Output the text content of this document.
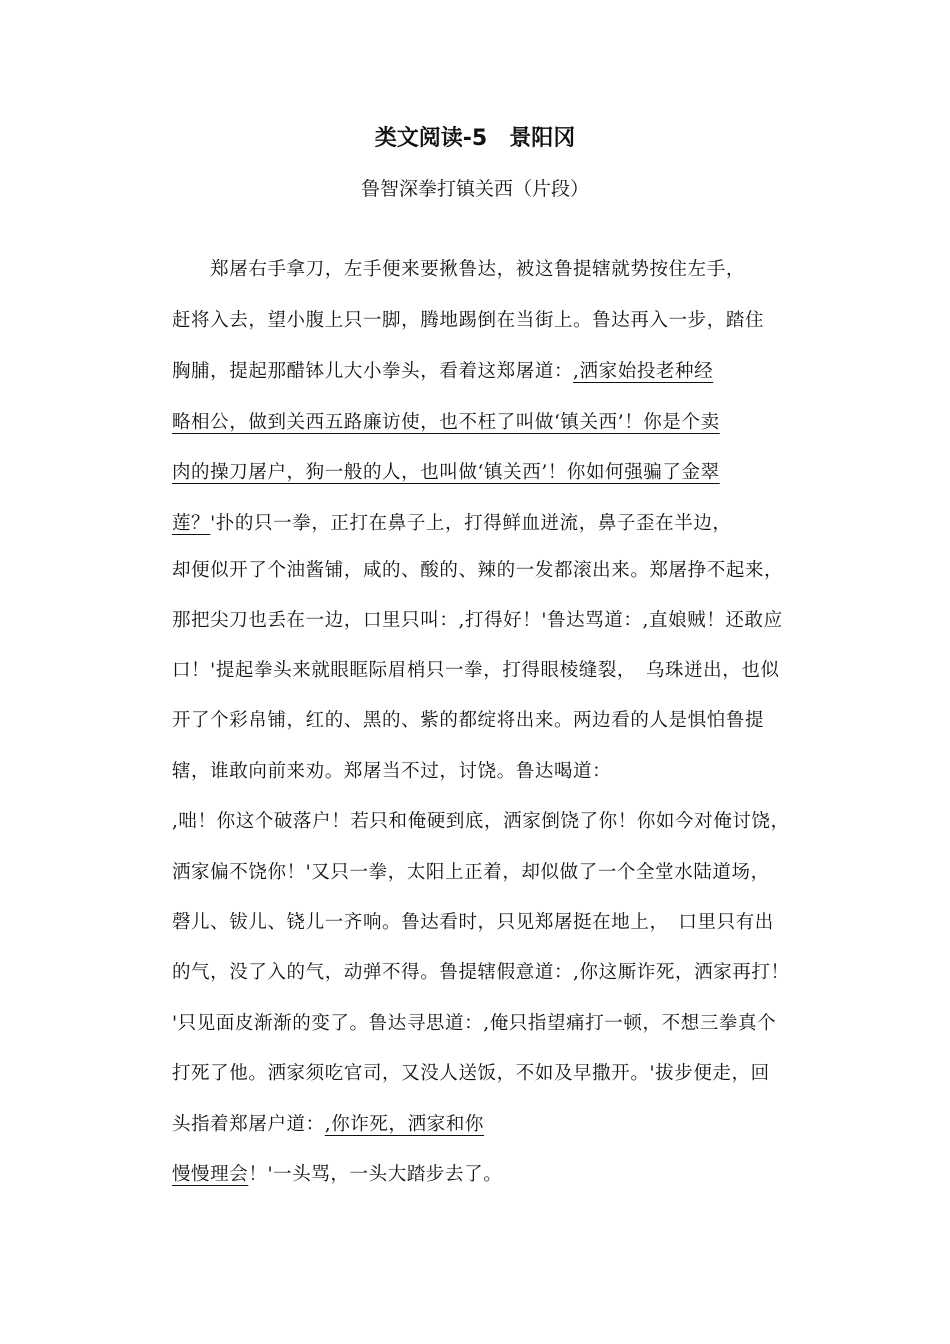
类文阅读-5　景阳冈
鲁智深拳打镇关西（片段）

　　郑屠右手拿刀，左手便来要揪鲁达，被这鲁提辖就势按住左手，

赶将入去，望小腹上只一脚，腾地踢倒在当街上。鲁达再入一步，踏住

胸脯，提起那醋钵儿大小拳头，看着这郑屠道：,洒家始投老种经

略相公，做到关西五路廉访使，也不枉了叫做‘镇关西’！你是个卖

肉的操刀屠户，狗一般的人，也叫做‘镇关西’！你如何强骗了金翠

莲？'扑的只一拳，正打在鼻子上，打得鲜血迸流，鼻子歪在半边，

却便似开了个油酱铺，咸的、酸的、辣的一发都滚出来。郑屠挣不起来，

那把尖刀也丢在一边，口里只叫：,打得好！'鲁达骂道：,直娘贼！还敢应

口！'提起拳头来就眼眶际眉梢只一拳，打得眼棱缝裂，　乌珠迸出，也似

开了个彩帛铺，红的、黑的、紫的都绽将出来。两边看的人是惧怕鲁提

辖，谁敢向前来劝。郑屠当不过，讨饶。鲁达喝道：

,咄！你这个破落户！若只和俺硬到底，洒家倒饶了你！你如今对俺讨饶，

洒家偏不饶你！'又只一拳，太阳上正着，却似做了一个全堂水陆道场，

磬儿、钹儿、铙儿一齐响。鲁达看时，只见郑屠挺在地上，　口里只有出

的气，没了入的气，动弹不得。鲁提辖假意道：,你这厮诈死，洒家再打！

'只见面皮渐渐的变了。鲁达寻思道：,俺只指望痛打一顿，不想三拳真个

打死了他。洒家须吃官司，又没人送饭，不如及早撒开。'拔步便走，回

头指着郑屠户道：,你诈死，洒家和你

慢慢理会！'一头骂，一头大踏步去了。
